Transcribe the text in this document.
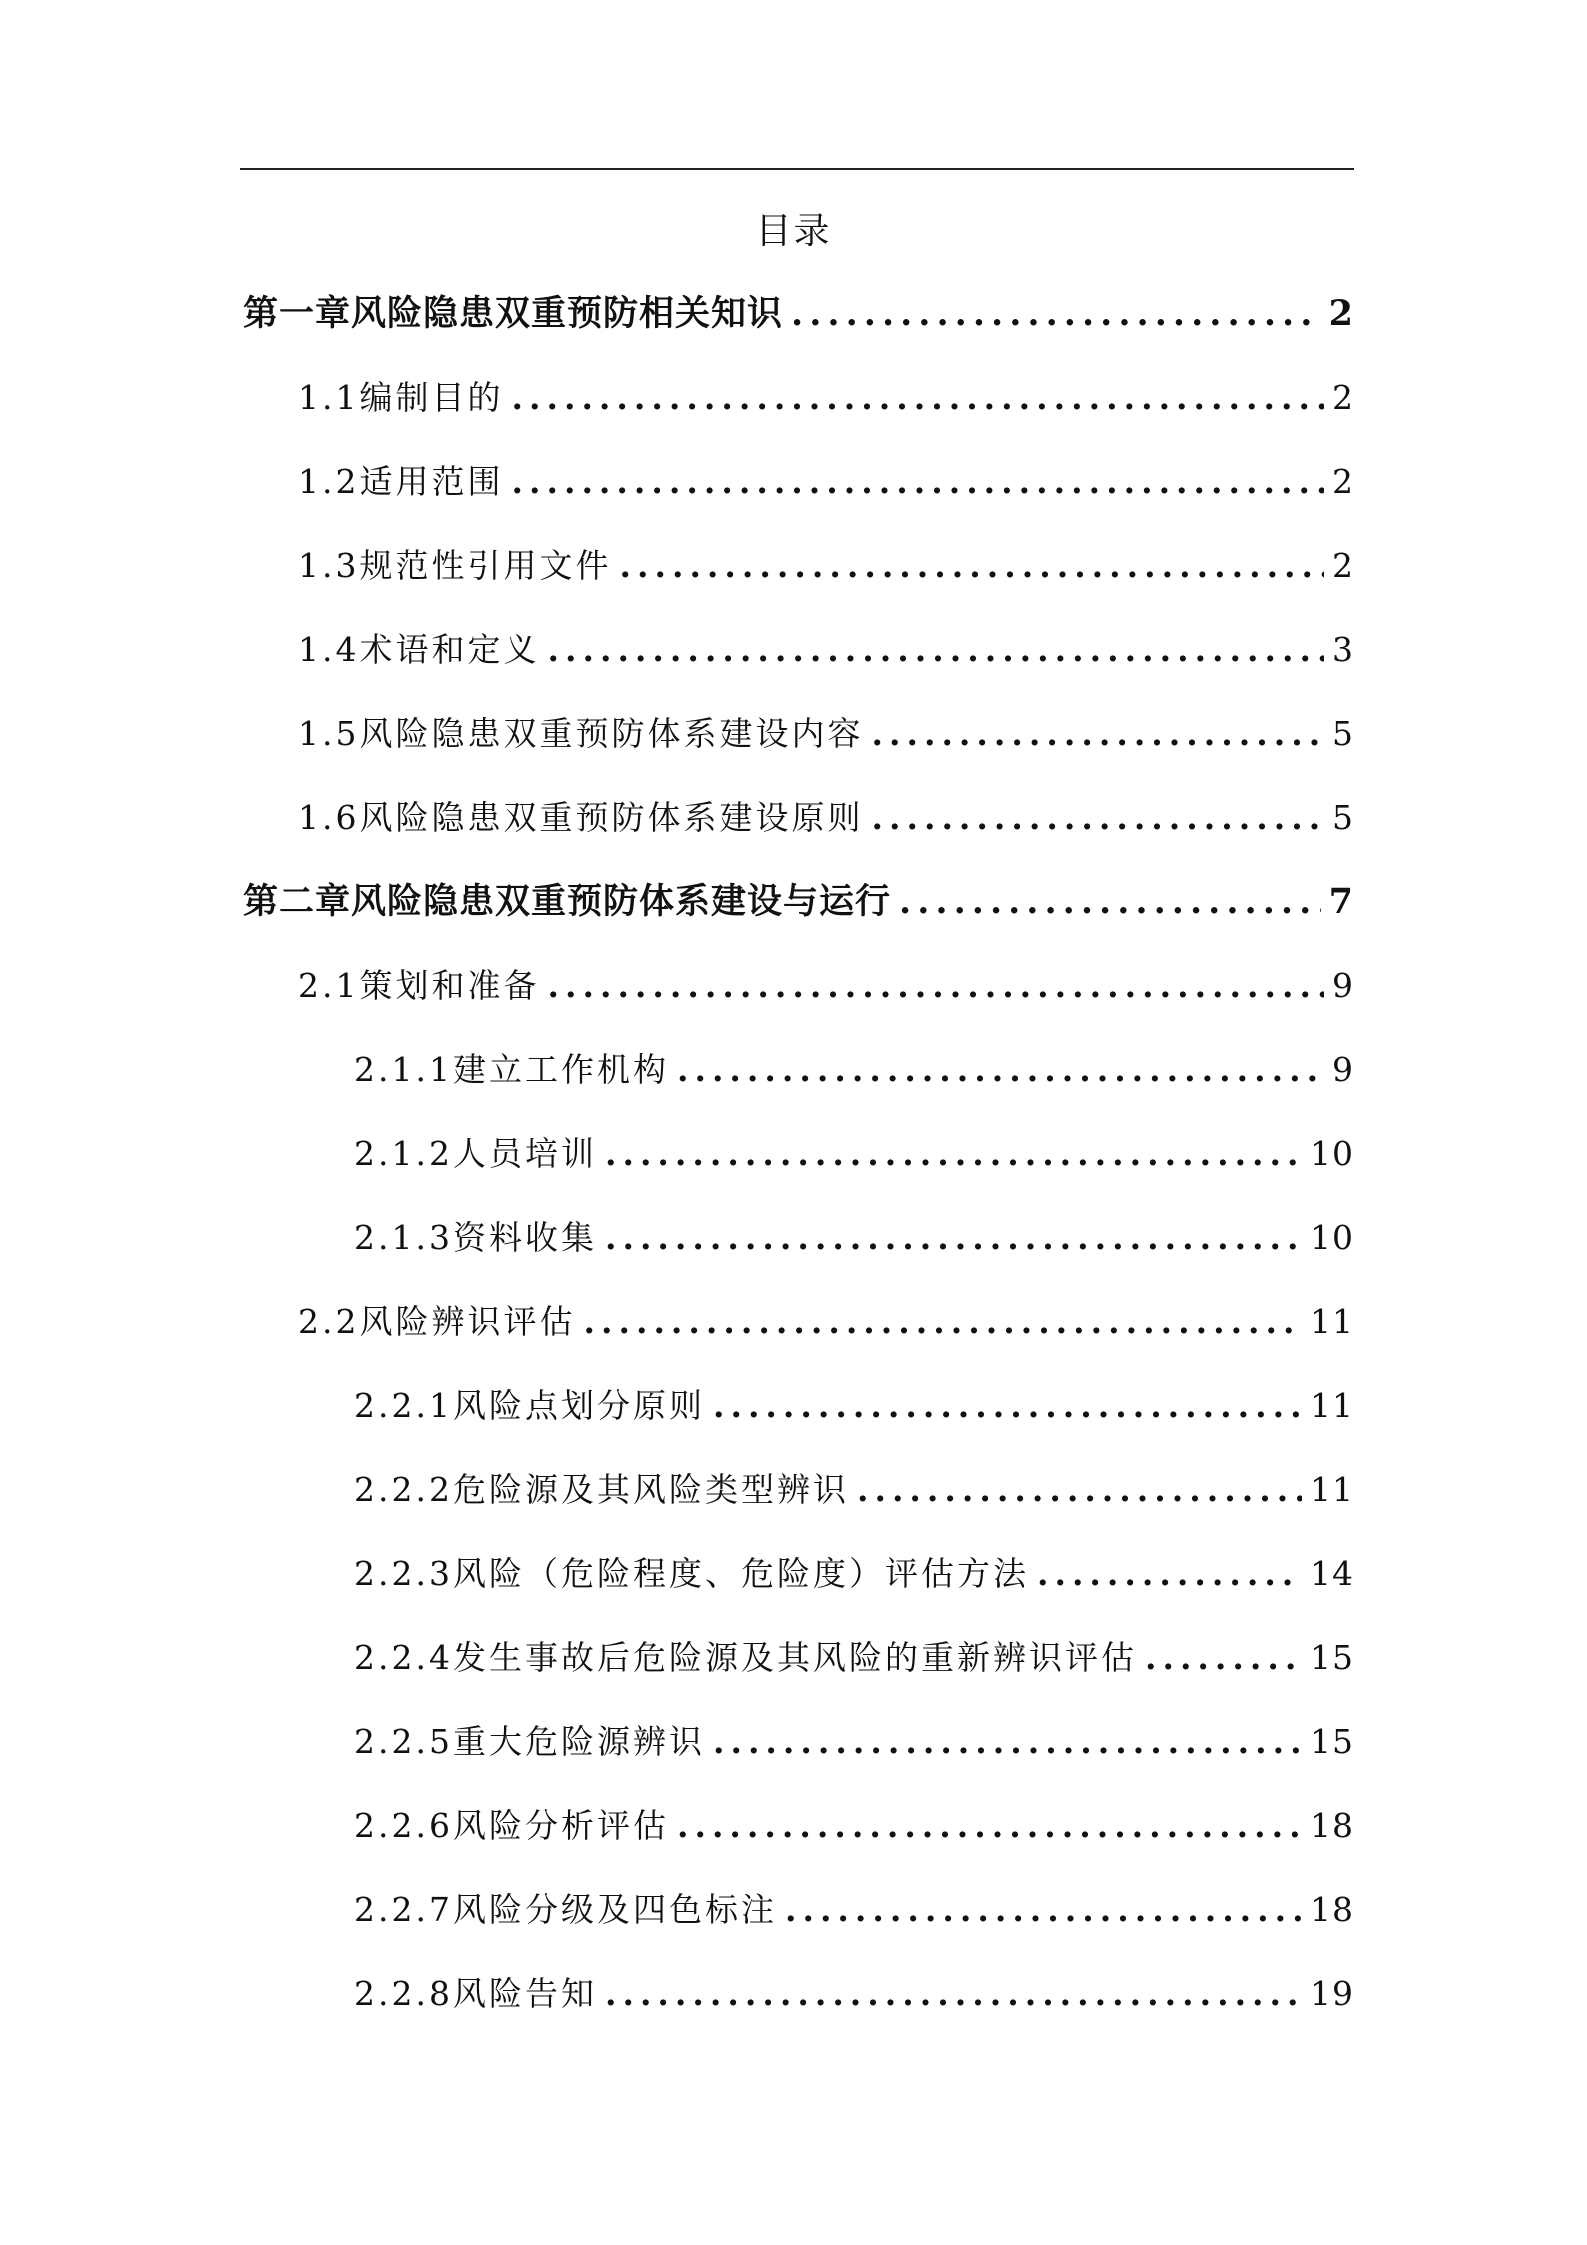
目录
第一章风险隐患双重预防相关知识 .....	2
1.1编制目的 .....	2
1.2适用范围 .....	2
1.3规范性引用文件 .....	2
1.4术语和定义 .....	3
1.5风险隐患双重预防体系建设内容 .....	5
1.6风险隐患双重预防体系建设原则 .....	5
第二章风险隐患双重预防体系建设与运行 .....	7
2.1策划和准备 .....	9
2.1.1建立工作机构 .....	9
2.1.2人员培训 .....	10
2.1.3资料收集 .....	10
2.2风险辨识评估 .....	11
2.2.1风险点划分原则 .....	11
2.2.2危险源及其风险类型辨识 .....	11
2.2.3风险（危险程度、危险度）评估方法 .....	14
2.2.4发生事故后危险源及其风险的重新辨识评估 .....	15
2.2.5重大危险源辨识 .....	15
2.2.6风险分析评估 .....	18
2.2.7风险分级及四色标注 .....	18
2.2.8风险告知 .....	19
